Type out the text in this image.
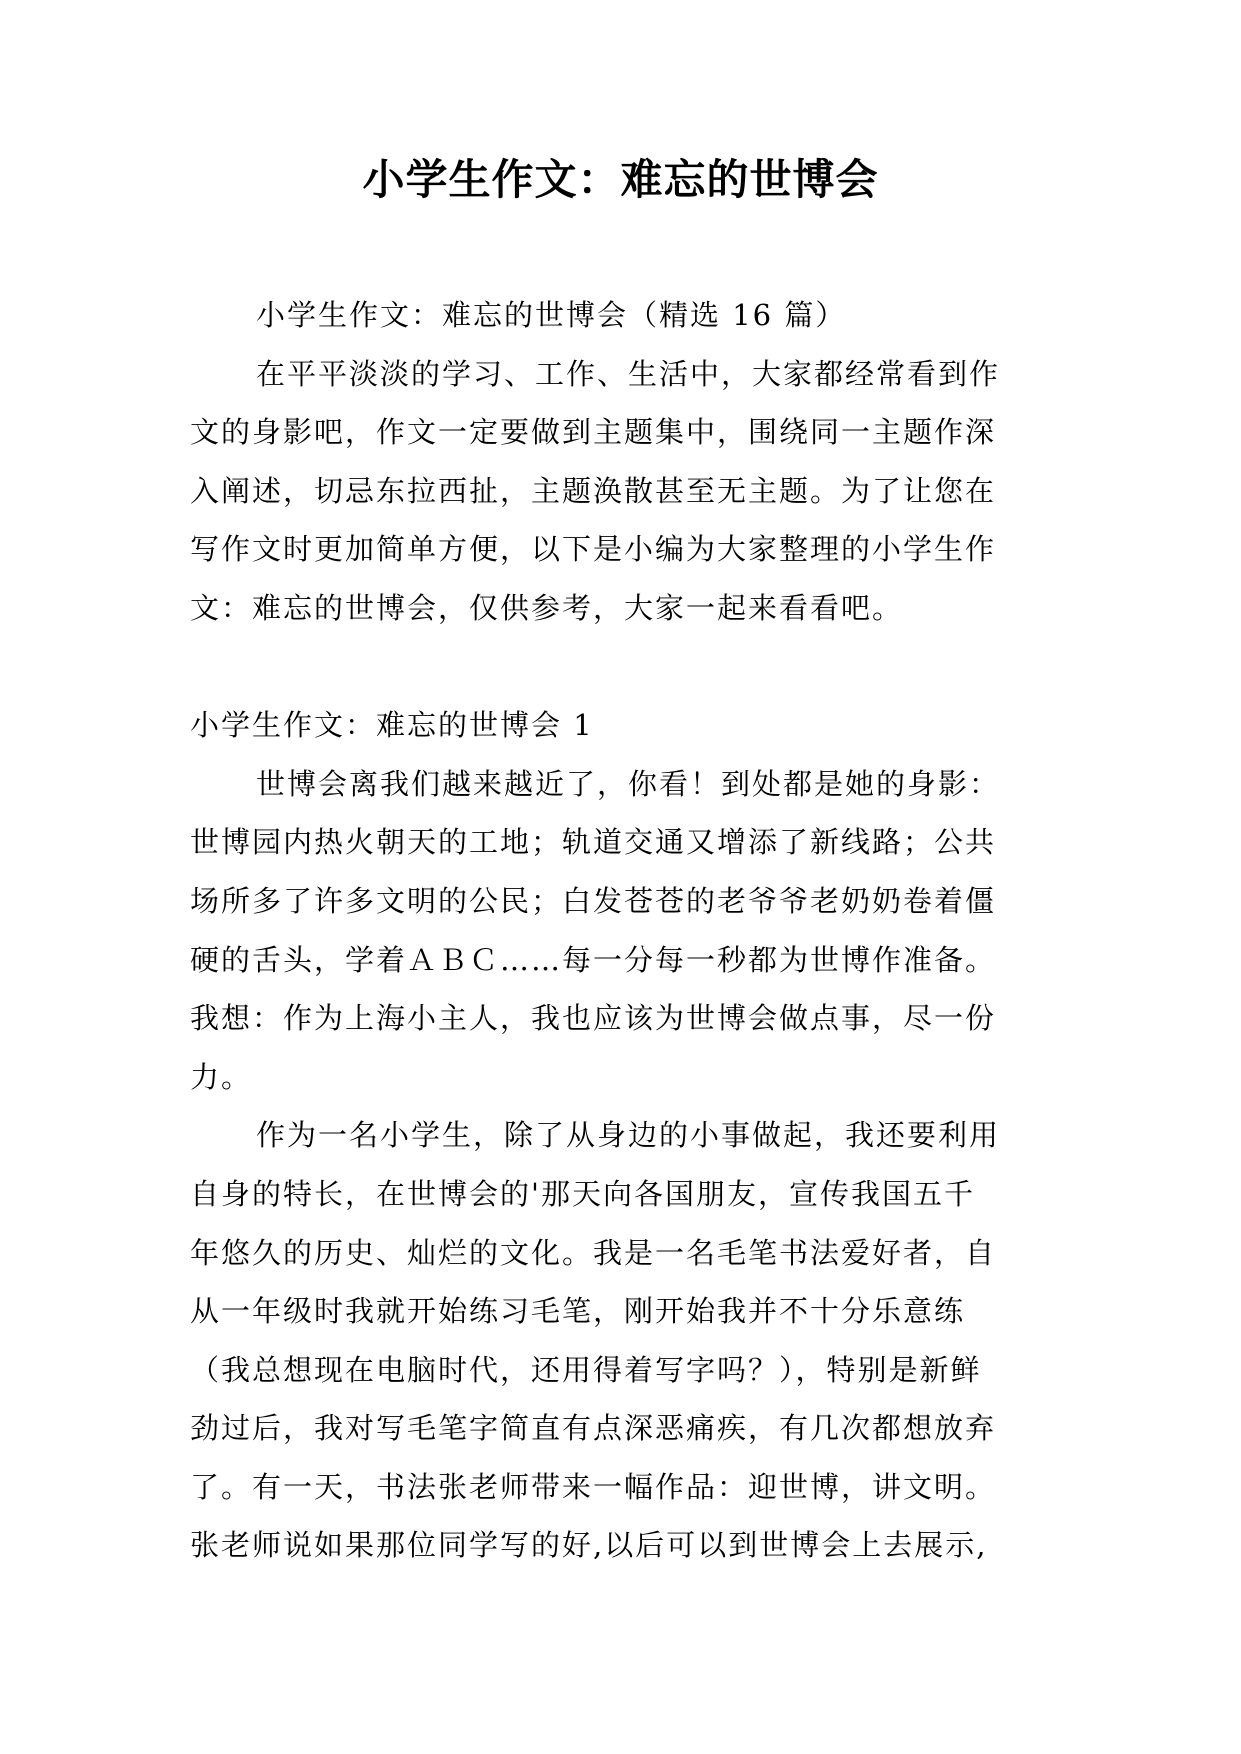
小学生作文：难忘的世博会
小学生作文：难忘的世博会（精选 16 篇）
在平平淡淡的学习、工作、生活中，大家都经常看到作
文的身影吧，作文一定要做到主题集中，围绕同一主题作深
入阐述，切忌东拉西扯，主题涣散甚至无主题。为了让您在
写作文时更加简单方便，以下是小编为大家整理的小学生作
文：难忘的世博会，仅供参考，大家一起来看看吧。
小学生作文：难忘的世博会 1
世博会离我们越来越近了，你看！到处都是她的身影：
世博园内热火朝天的工地；轨道交通又增添了新线路；公共
场所多了许多文明的公民；白发苍苍的老爷爷老奶奶卷着僵
硬的舌头，学着ＡＢＣ……每一分每一秒都为世博作准备。
我想：作为上海小主人，我也应该为世博会做点事，尽一份
力。
作为一名小学生，除了从身边的小事做起，我还要利用
自身的特长，在世博会的'那天向各国朋友，宣传我国五千
年悠久的历史、灿烂的文化。我是一名毛笔书法爱好者，自
从一年级时我就开始练习毛笔，刚开始我并不十分乐意练
（我总想现在电脑时代，还用得着写字吗？），特别是新鲜
劲过后，我对写毛笔字简直有点深恶痛疾，有几次都想放弃
了。有一天，书法张老师带来一幅作品：迎世博，讲文明。
张老师说如果那位同学写的好,以后可以到世博会上去展示,
